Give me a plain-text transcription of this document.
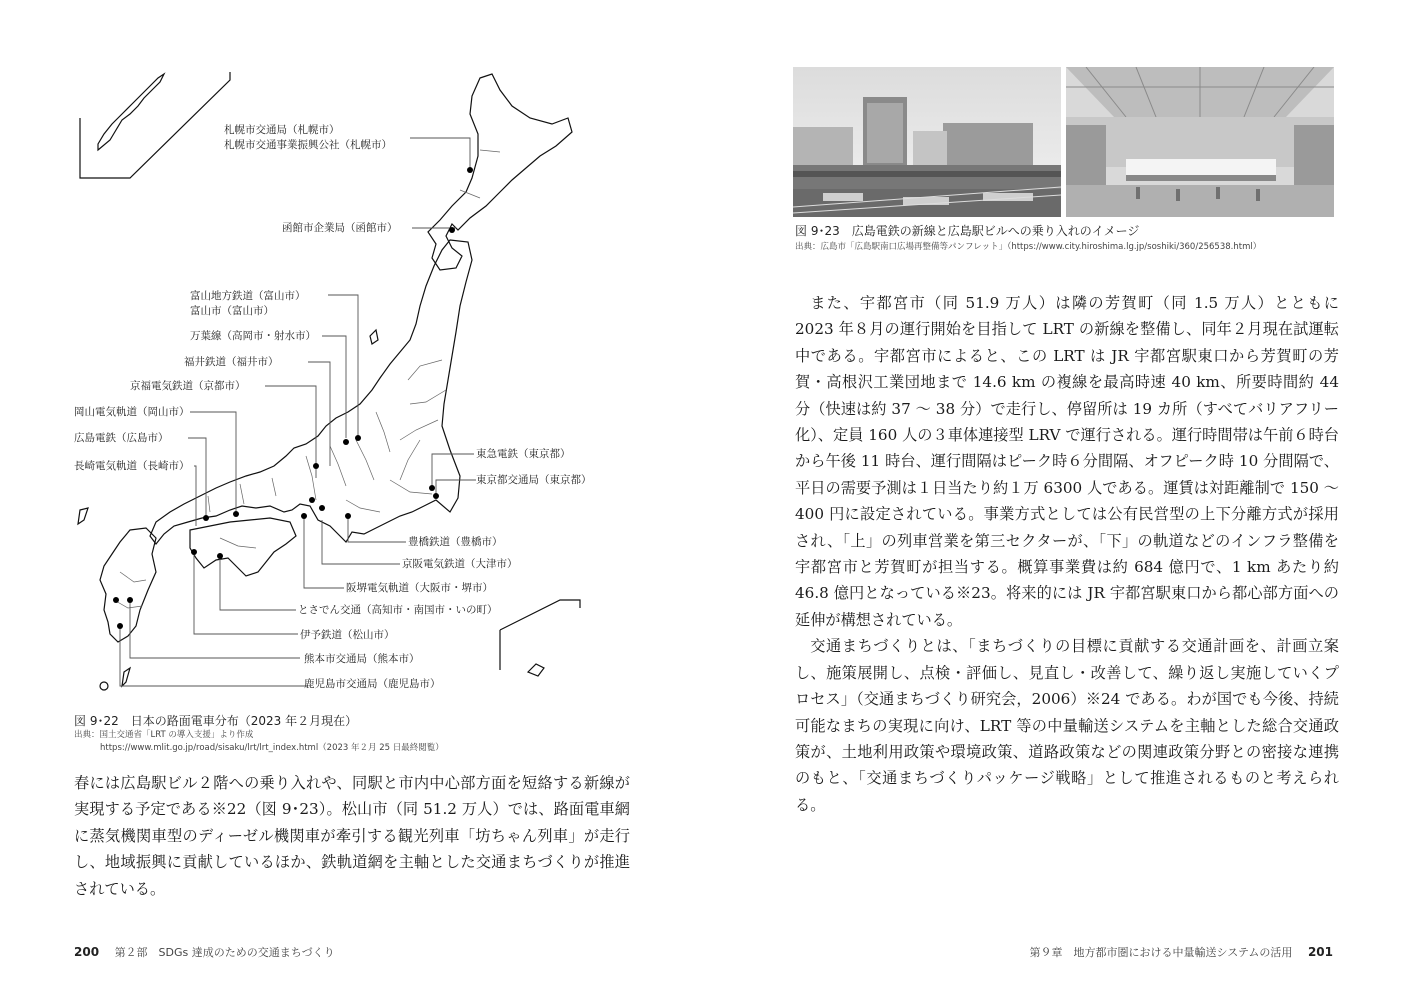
札幌市交通局（札幌市）
札幌市交通事業振興公社（札幌市）
函館市企業局（函館市）
富山地方鉄道（富山市）
富山市（富山市）
万葉線（高岡市・射水市）
福井鉄道（福井市）
京福電気鉄道（京都市）
岡山電気軌道（岡山市）
広島電鉄（広島市）
長崎電気軌道（長崎市）
東急電鉄（東京都）
東京都交通局（東京都）
豊橋鉄道（豊橋市）
京阪電気鉄道（大津市）
阪堺電気軌道（大阪市・堺市）
とさでん交通（高知市・南国市・いの町）
伊予鉄道（松山市）
熊本市交通局（熊本市）
鹿児島市交通局（鹿児島市）
図 9･22　日本の路面電車分布（2023 年２月現在）
出典：国土交通省「LRT の導入支援」より作成
https://www.mlit.go.jp/road/sisaku/lrt/lrt_index.html（2023 年２月 25 日最終閲覧）

春には広島駅ビル２階への乗り入れや、同駅と市内中心部方面を短絡する新線が実現する予定である※22（図 9･23）。松山市（同 51.2 万人）では、路面電車網に蒸気機関車型のディーゼル機関車が牽引する観光列車「坊ちゃん列車」が走行し、地域振興に貢献しているほか、鉄軌道網を主軸とした交通まちづくりが推進されている。

200 第２部　SDGs 達成のための交通まちづくり
図 9･23　広島電鉄の新線と広島駅ビルへの乗り入れのイメージ
出典：広島市「広島駅南口広場再整備等パンフレット」（https://www.city.hiroshima.lg.jp/soshiki/360/256538.html）

また、宇都宮市（同 51.9 万人）は隣の芳賀町（同 1.5 万人）とともに 2023 年８月の運行開始を目指して LRT の新線を整備し、同年２月現在試運転中である。宇都宮市によると、この LRT は JR 宇都宮駅東口から芳賀町の芳賀・高根沢工業団地まで 14.6 km の複線を最高時速 40 km、所要時間約 44 分（快速は約 37 ～ 38 分）で走行し、停留所は 19 カ所（すべてバリアフリー化）、定員 160 人の３車体連接型 LRV で運行される。運行時間帯は午前６時台から午後 11 時台、運行間隔はピーク時６分間隔、オフピーク時 10 分間隔で、平日の需要予測は１日当たり約１万 6300 人である。運賃は対距離制で 150 ～ 400 円に設定されている。事業方式としては公有民営型の上下分離方式が採用され、「上」の列車営業を第三セクターが、「下」の軌道などのインフラ整備を宇都宮市と芳賀町が担当する。概算事業費は約 684 億円で、1 km あたり約 46.8 億円となっている※23。将来的には JR 宇都宮駅東口から都心部方面への延伸が構想されている。

交通まちづくりとは、「まちづくりの目標に貢献する交通計画を、計画立案し、施策展開し、点検・評価し、見直し・改善して、繰り返し実施していくプロセス」（交通まちづくり研究会，2006）※24 である。わが国でも今後、持続可能なまちの実現に向け、LRT 等の中量輸送システムを主軸とした総合交通政策が、土地利用政策や環境政策、道路政策などの関連政策分野との密接な連携のもと、「交通まちづくりパッケージ戦略」として推進されるものと考えられる。

第９章　地方都市圏における中量輸送システムの活用 201
